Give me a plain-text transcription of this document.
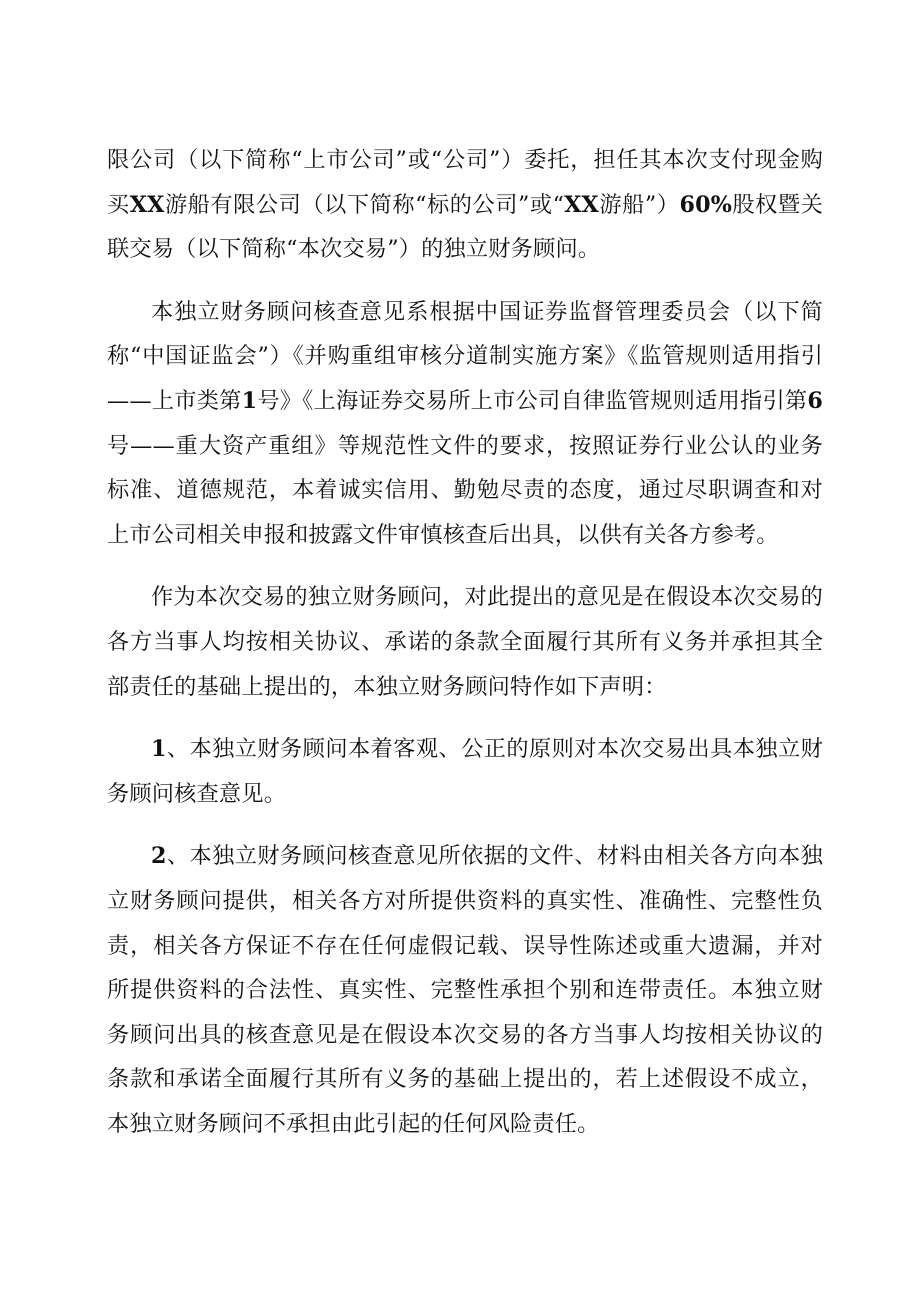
限公司（以下简称“上市公司”或“公司”）委托，担任其本次支付现金购买XX游船有限公司（以下简称“标的公司”或“XX游船”）60%股权暨关联交易（以下简称“本次交易”）的独立财务顾问。

本独立财务顾问核查意见系根据中国证券监督管理委员会（以下简称“中国证监会”）《并购重组审核分道制实施方案》《监管规则适用指引——上市类第1号》《上海证券交易所上市公司自律监管规则适用指引第6号——重大资产重组》等规范性文件的要求，按照证券行业公认的业务标准、道德规范，本着诚实信用、勤勉尽责的态度，通过尽职调查和对上市公司相关申报和披露文件审慎核查后出具，以供有关各方参考。

作为本次交易的独立财务顾问，对此提出的意见是在假设本次交易的各方当事人均按相关协议、承诺的条款全面履行其所有义务并承担其全部责任的基础上提出的，本独立财务顾问特作如下声明：

1、本独立财务顾问本着客观、公正的原则对本次交易出具本独立财务顾问核查意见。

2、本独立财务顾问核查意见所依据的文件、材料由相关各方向本独立财务顾问提供，相关各方对所提供资料的真实性、准确性、完整性负责，相关各方保证不存在任何虚假记载、误导性陈述或重大遗漏，并对所提供资料的合法性、真实性、完整性承担个别和连带责任。本独立财务顾问出具的核查意见是在假设本次交易的各方当事人均按相关协议的条款和承诺全面履行其所有义务的基础上提出的，若上述假设不成立，本独立财务顾问不承担由此引起的任何风险责任。
